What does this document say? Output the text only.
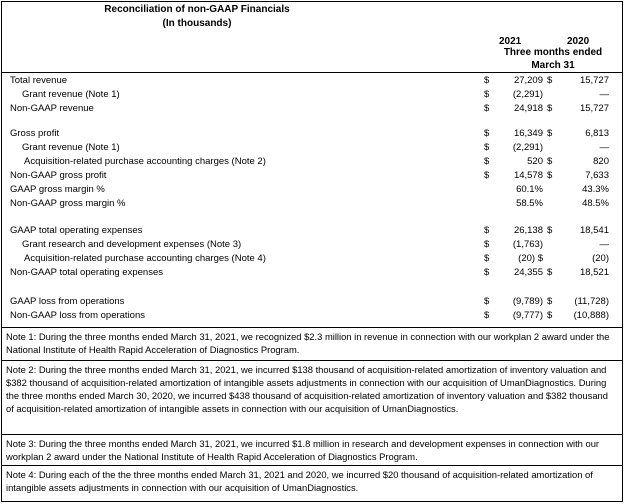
Reconciliation of non-GAAP Financials
(In thousands)
2021	2020
Three months ended
March 31
Total revenue	$	27,209 $	15,727
Grant revenue (Note 1)	$ (2,291)	—
Non-GAAP revenue	$	24,918 $	15,727
Gross profit	$	16,349 $	6,813
Grant revenue (Note 1)	$ (2,291)	—
Acquisition-related purchase accounting charges (Note 2)	$	520 $	820
Non-GAAP gross profit	$	14,578 $	7,633
GAAP gross margin %	60.1%	43.3%
Non-GAAP gross margin %	58.5%	48.5%
GAAP total operating expenses	$	26,138 $	18,541
Grant research and development expenses (Note 3)	$ (1,763)	—
Acquisition-related purchase accounting charges (Note 4)	$	(20) $	(20)
Non-GAAP total operating expenses	$	24,355 $	18,521
GAAP loss from operations	$ (9,789) $ (11,728)
Non-GAAP loss from operations	$ (9,777) $ (10,888)
Note 1: During the three months ended March 31, 2021, we recognized $2.3 million in revenue in connection with our workplan 2 award under the National Institute of Health Rapid Acceleration of Diagnostics Program.
Note 2: During the three months ended March 31, 2021, we incurred $138 thousand of acquisition-related amortization of inventory valuation and $382 thousand of acquisition-related amortization of intangible assets adjustments in connection with our acquisition of UmanDiagnostics. During the three months ended March 30, 2020, we incurred $438 thousand of acquisition-related amortization of inventory valuation and $382 thousand of acquisition-related amortization of intangible assets in connection with our acquisition of UmanDiagnostics.
Note 3: During the three months ended March 31, 2021, we incurred $1.8 million in research and development expenses in connection with our workplan 2 award under the National Institute of Health Rapid Acceleration of Diagnostics Program.
Note 4: During each of the the three months ended March 31, 2021 and 2020, we incurred $20 thousand of acquisition-related amortization of intangible assets adjustments in connection with our acquisition of UmanDiagnostics.
